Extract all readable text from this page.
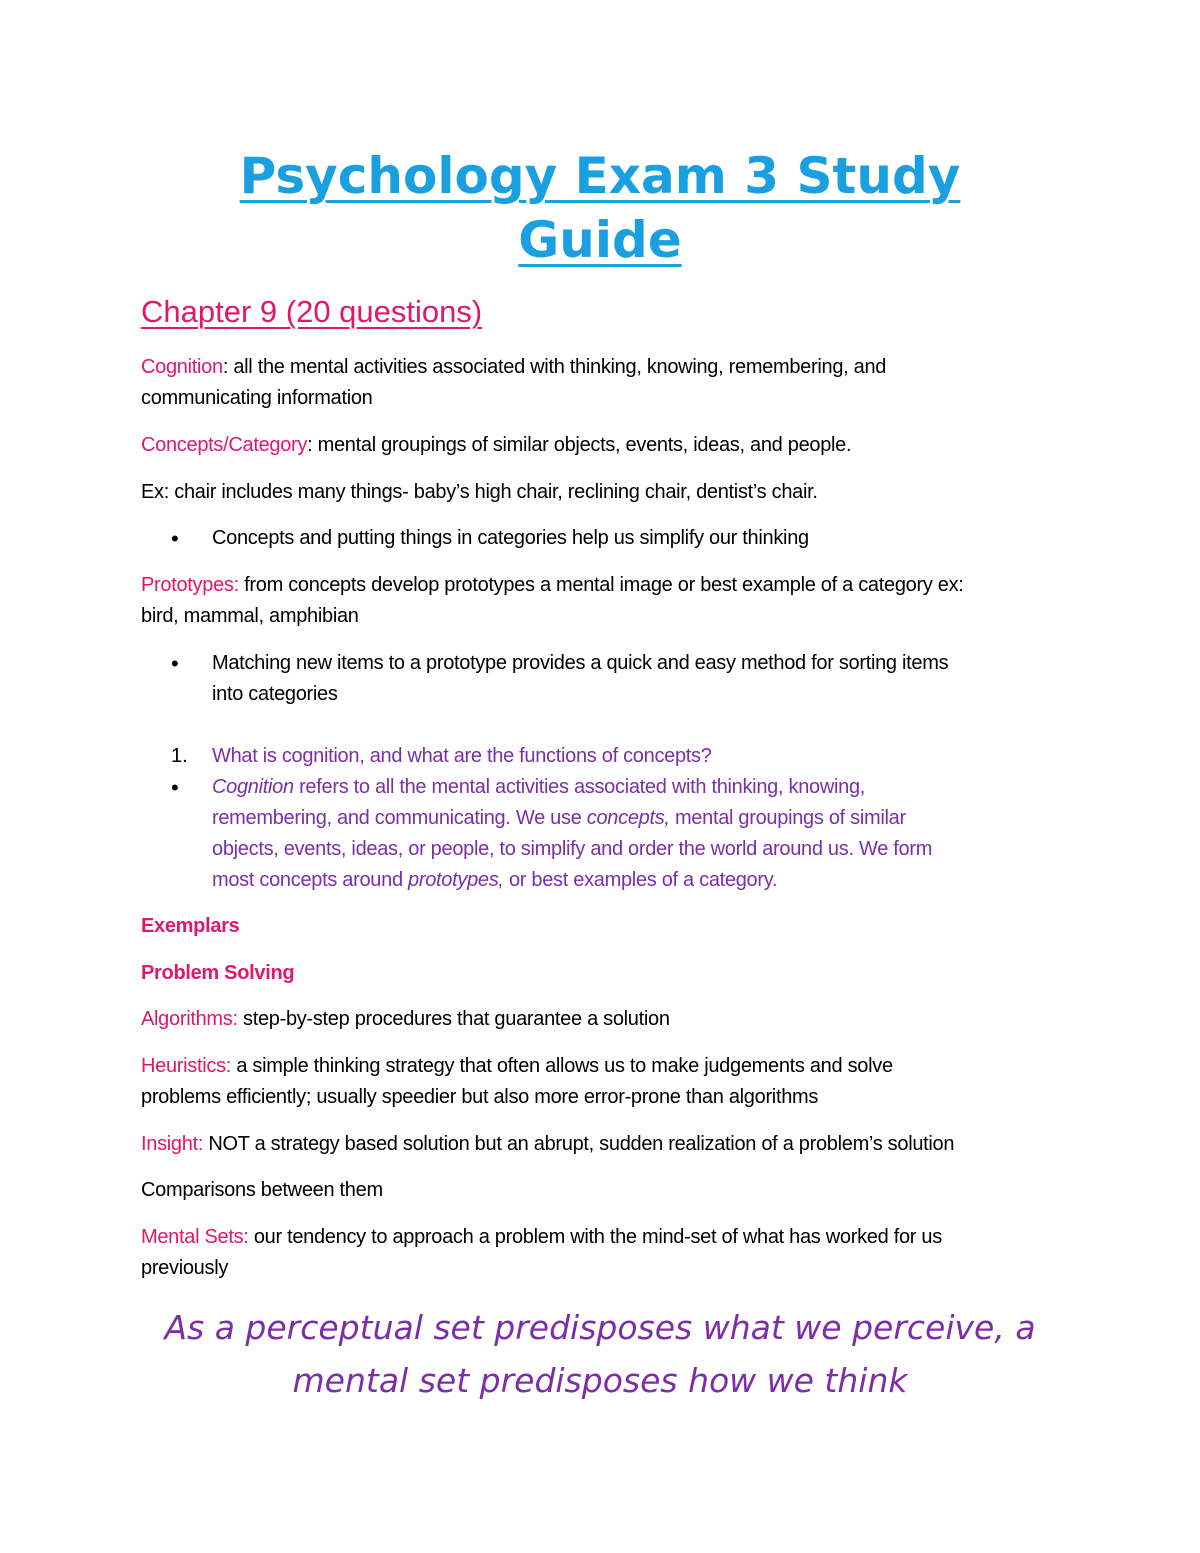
Psychology Exam 3 Study
Guide
Chapter 9 (20 questions)
Cognition: all the mental activities associated with thinking, knowing, remembering, and
communicating information
Concepts/Category: mental groupings of similar objects, events, ideas, and people.
Ex: chair includes many things- baby’s high chair, reclining chair, dentist’s chair.
• Concepts and putting things in categories help us simplify our thinking
Prototypes: from concepts develop prototypes a mental image or best example of a category ex:
bird, mammal, amphibian
• Matching new items to a prototype provides a quick and easy method for sorting items
into categories
1. What is cognition, and what are the functions of concepts?
• Cognition refers to all the mental activities associated with thinking, knowing,
remembering, and communicating. We use concepts, mental groupings of similar
objects, events, ideas, or people, to simplify and order the world around us. We form
most concepts around prototypes, or best examples of a category.
Exemplars
Problem Solving
Algorithms: step-by-step procedures that guarantee a solution
Heuristics: a simple thinking strategy that often allows us to make judgements and solve
problems efficiently; usually speedier but also more error-prone than algorithms
Insight: NOT a strategy based solution but an abrupt, sudden realization of a problem’s solution
Comparisons between them
Mental Sets: our tendency to approach a problem with the mind-set of what has worked for us
previously
As a perceptual set predisposes what we perceive, a
mental set predisposes how we think
